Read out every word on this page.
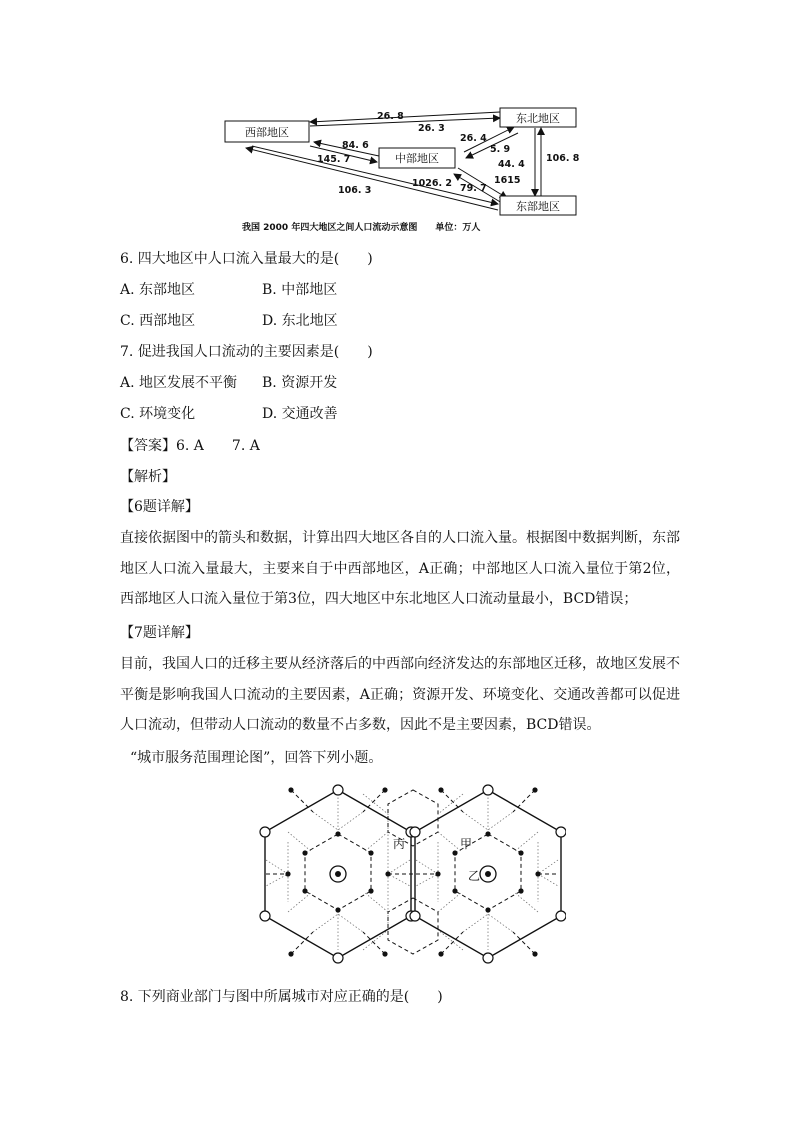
西部地区
中部地区
东北地区
东部地区
26. 8
26. 3
26. 4
5. 9
84. 6
145. 7	44. 4
106. 8
1615
79. 7
1026. 2
106. 3
我国 2000 年四大地区之间人口流动示意图　　单位：万人
6. 四大地区中人口流入量最大的是(　　)
A. 东部地区	B. 中部地区
C. 西部地区	D. 东北地区
7. 促进我国人口流动的主要因素是(　　)
A. 地区发展不平衡 B. 资源开发
C. 环境变化	D. 交通改善
【答案】6. A　　7. A
【解析】
【6题详解】
直接依据图中的箭头和数据，计算出四大地区各自的人口流入量。根据图中数据判断，东部地区人口流入量最大，主要来自于中西部地区，A正确；中部地区人口流入量位于第2位，西部地区人口流入量位于第3位，四大地区中东北地区人口流动量最小，BCD错误；
【7题详解】
目前，我国人口的迁移主要从经济落后的中西部向经济发达的东部地区迁移，故地区发展不平衡是影响我国人口流动的主要因素，A正确；资源开发、环境变化、交通改善都可以促进人口流动，但带动人口流动的数量不占多数，因此不是主要因素，BCD错误。
“城市服务范围理论图”，回答下列小题。
丙	甲
乙
8. 下列商业部门与图中所属城市对应正确的是(　　)
